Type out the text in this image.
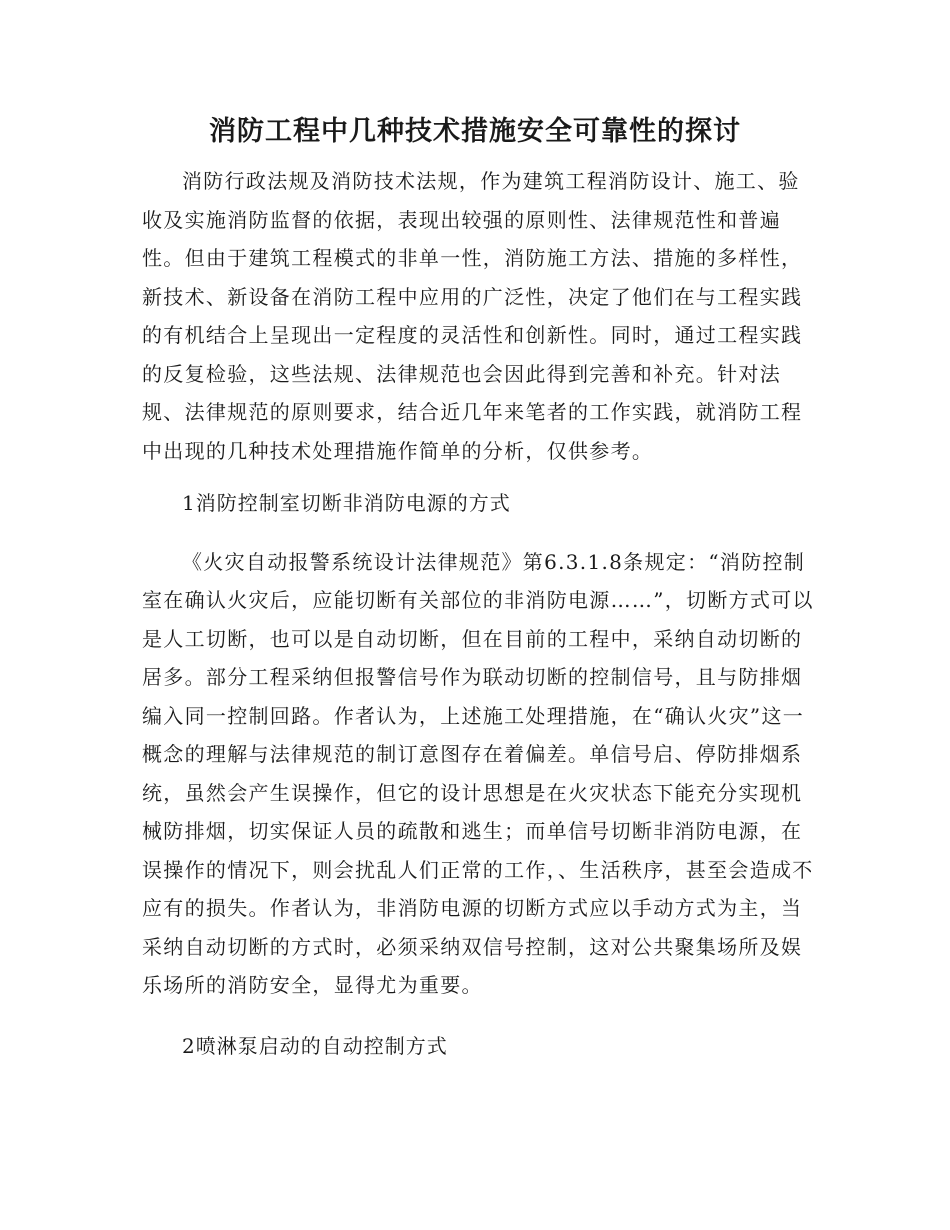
消防工程中几种技术措施安全可靠性的探讨

消防行政法规及消防技术法规，作为建筑工程消防设计、施工、验收及实施消防监督的依据，表现出较强的原则性、法律规范性和普遍性。但由于建筑工程模式的非单一性，消防施工方法、措施的多样性，新技术、新设备在消防工程中应用的广泛性，决定了他们在与工程实践的有机结合上呈现出一定程度的灵活性和创新性。同时，通过工程实践的反复检验，这些法规、法律规范也会因此得到完善和补充。针对法规、法律规范的原则要求，结合近几年来笔者的工作实践，就消防工程中出现的几种技术处理措施作简单的分析，仅供参考。

1消防控制室切断非消防电源的方式

《火灾自动报警系统设计法律规范》第6.3.1.8条规定：“消防控制室在确认火灾后，应能切断有关部位的非消防电源……”，切断方式可以是人工切断，也可以是自动切断，但在目前的工程中，采纳自动切断的居多。部分工程采纳但报警信号作为联动切断的控制信号，且与防排烟编入同一控制回路。作者认为，上述施工处理措施，在“确认火灾”这一概念的理解与法律规范的制订意图存在着偏差。单信号启、停防排烟系统，虽然会产生误操作，但它的设计思想是在火灾状态下能充分实现机械防排烟，切实保证人员的疏散和逃生；而单信号切断非消防电源，在误操作的情况下，则会扰乱人们正常的工作，、生活秩序，甚至会造成不应有的损失。作者认为，非消防电源的切断方式应以手动方式为主，当采纳自动切断的方式时，必须采纳双信号控制，这对公共聚集场所及娱乐场所的消防安全，显得尤为重要。

2喷淋泵启动的自动控制方式
